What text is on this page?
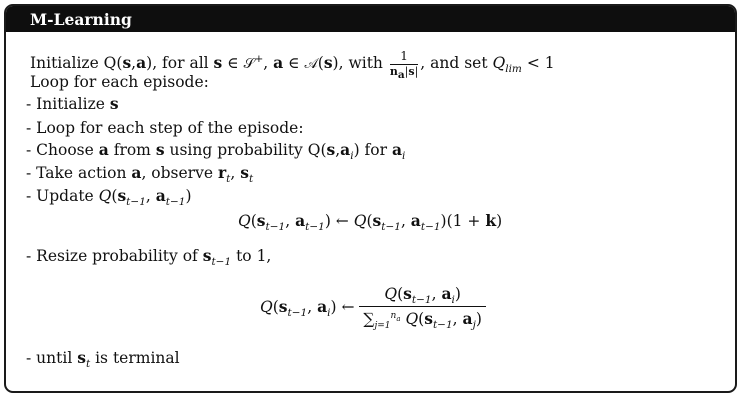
M-Learning
Initialize Q(s,a), for all s ∈ 𝒮+, a ∈ 𝒜(s), with $\frac{1}{n_a|s|}$ , and set $Q_{lim} < 1$
Loop for each episode:
- Initialize s
- Loop for each step of the episode:
- Choose a from s using probability $Q(s,a_i)$ for $a_i$
- Take action a, observe $r_t$, $s_t$
- Update $Q(s_{t-1}$, $a_{t-1}$)
$Q(s_{t-1}$, $a_{t-1}$) ← $Q(s_{t-1}$, $a_{t-1})(1 + k)$
- Resize probability of $s_{t-1}$ to 1,
$Q(s_{t-1}$, $a_i$) ← $\frac{Q(s_{t-1}, a_i)}{\sum_{j=1}^{n_a} Q(s_{t-1}, a_j)}$
- until $s_t$ is terminal
